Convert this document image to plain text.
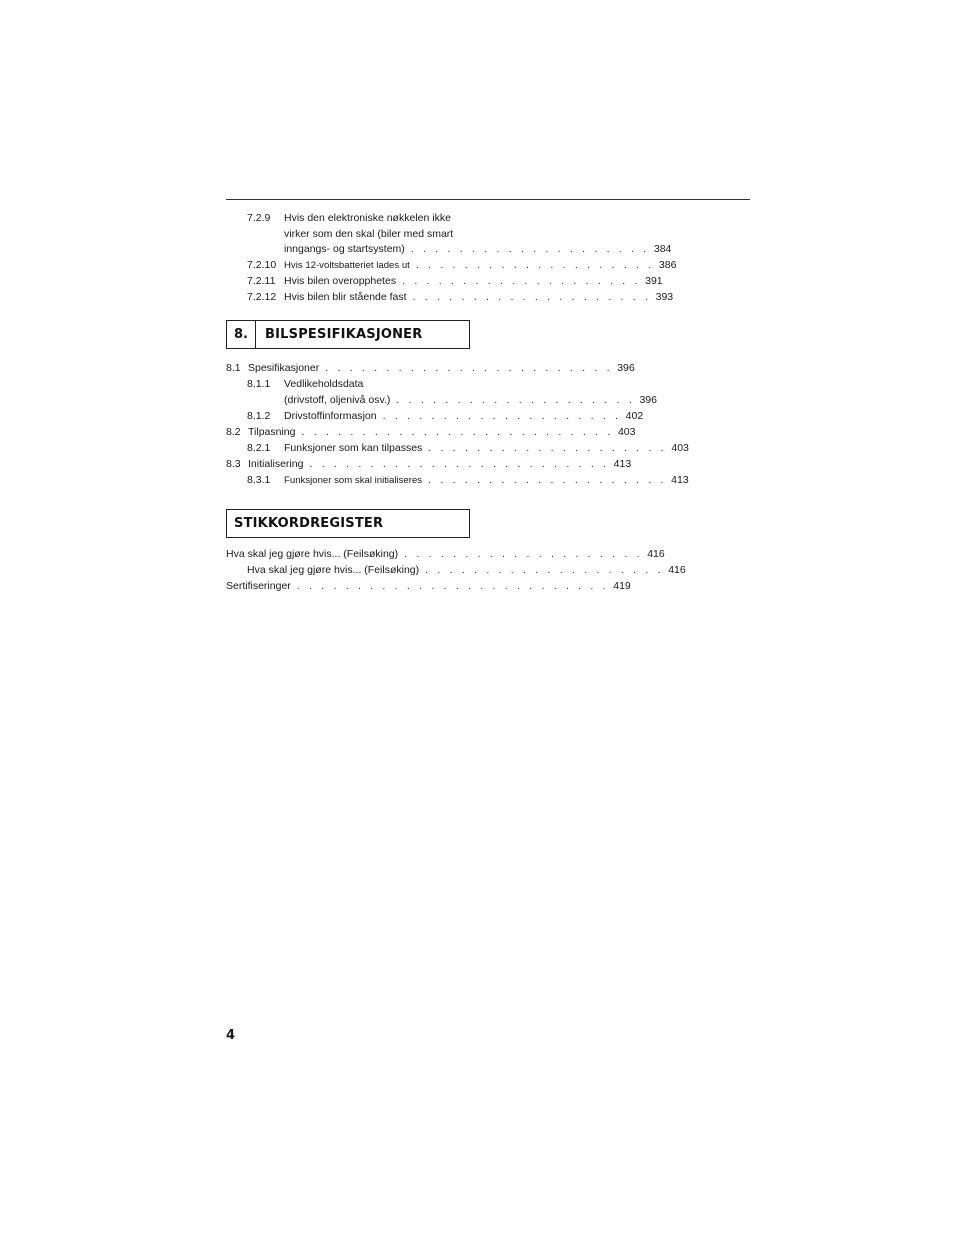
7.2.9	Hvis den elektroniske nøkkelen ikke
virker som den skal (biler med smart
inngangs- og startsystem) . . . . . . . . . . . . . . . . . . . . 384
7.2.10 Hvis 12-voltsbatteriet lades ut . . . . . . . . . . . . . . . . . . . . 386
7.2.11 Hvis bilen overopphetes . . . . . . . . . . . . . . . . . . . . 391
7.2.12 Hvis bilen blir stående fast . . . . . . . . . . . . . . . . . . . . 393
8.	BILSPESIFIKASJONER
8.1 Spesifikasjoner . . . . . . . . . . . . . . . . . . . . . . . . 396
8.1.1	Vedlikeholdsdata
(drivstoff, oljenivå osv.) . . . . . . . . . . . . . . . . . . . . 396
8.1.2	Drivstoffinformasjon . . . . . . . . . . . . . . . . . . . . 402
8.2 Tilpasning . . . . . . . . . . . . . . . . . . . . . . . . . . 403
8.2.1	Funksjoner som kan tilpasses . . . . . . . . . . . . . . . . . . . . 403
8.3 Initialisering . . . . . . . . . . . . . . . . . . . . . . . . . 413
8.3.1	Funksjoner som skal initialiseres . . . . . . . . . . . . . . . . . . . . 413
STIKKORDREGISTER
Hva skal jeg gjøre hvis... (Feilsøking) . . . . . . . . . . . . . . . . . . . . 416
Hva skal jeg gjøre hvis... (Feilsøking) . . . . . . . . . . . . . . . . . . . . 416
Sertifiseringer . . . . . . . . . . . . . . . . . . . . . . . . . . 419
4
